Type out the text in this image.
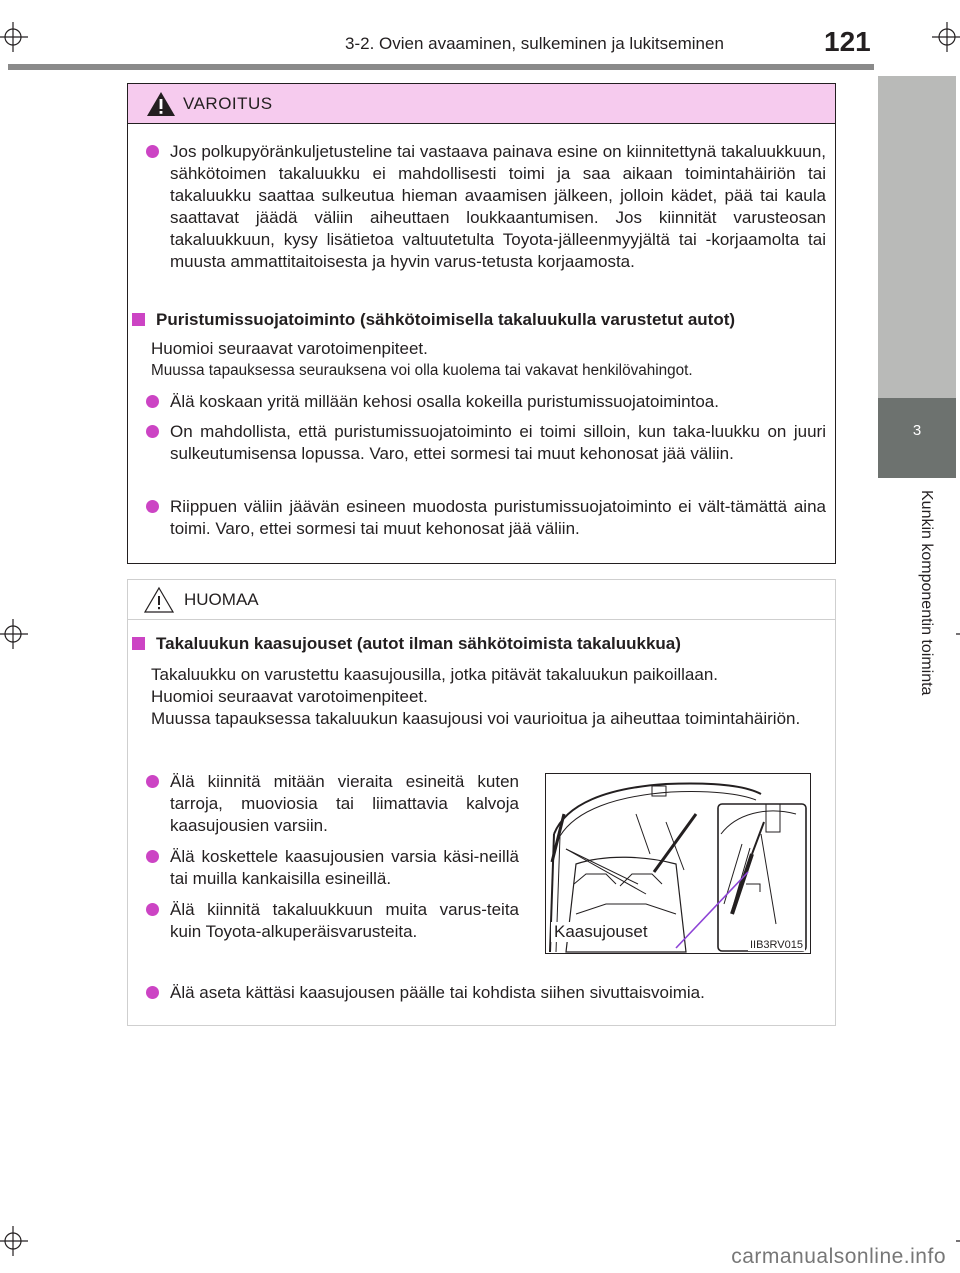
3-2. Ovien avaaminen, sulkeminen ja lukitseminen	121
3
Kunkin komponentin toiminta
VAROITUS
Jos polkupyöränkuljetusteline tai vastaava painava esine on kiinnitettynä takaluukkuun, sähkötoimen takaluukku ei mahdollisesti toimi ja saa aikaan toimintahäiriön tai takaluukku saattaa sulkeutua hieman avaamisen jälkeen, jolloin kädet, pää tai kaula saattavat jäädä väliin aiheuttaen loukkaantumisen. Jos kiinnität varusteosan takaluukkuun, kysy lisätietoa valtuutetulta Toyota-jälleenmyyjältä tai -korjaamolta tai muusta ammattitaitoisesta ja hyvin varus-tetusta korjaamosta.
Puristumissuojatoiminto (sähkötoimisella takaluukulla varustetut autot)
Huomioi seuraavat varotoimenpiteet.
Muussa tapauksessa seurauksena voi olla kuolema tai vakavat henkilövahingot.
Älä koskaan yritä millään kehosi osalla kokeilla puristumissuojatoimintoa.
On mahdollista, että puristumissuojatoiminto ei toimi silloin, kun taka-luukku on juuri sulkeutumisensa lopussa. Varo, ettei sormesi tai muut kehonosat jää väliin.
Riippuen väliin jäävän esineen muodosta puristumissuojatoiminto ei vält-tämättä aina toimi. Varo, ettei sormesi tai muut kehonosat jää väliin.
HUOMAA
Takaluukun kaasujouset (autot ilman sähkötoimista takaluukkua)
Takaluukku on varustettu kaasujousilla, jotka pitävät takaluukun paikoillaan.
Huomioi seuraavat varotoimenpiteet.
Muussa tapauksessa takaluukun kaasujousi voi vaurioitua ja aiheuttaa toimintahäiriön.
Älä kiinnitä mitään vieraita esineitä kuten tarroja, muoviosia tai liimattavia kalvoja kaasujousien varsiin.
Älä koskettele kaasujousien varsia käsi-neillä tai muilla kankaisilla esineillä.
Älä kiinnitä takaluukkuun muita varus-teita kuin Toyota-alkuperäisvarusteita.
Älä aseta kättäsi kaasujousen päälle tai kohdista siihen sivuttaisvoimia.
Kaasujouset
IIB3RV015
carmanualsonline.info
